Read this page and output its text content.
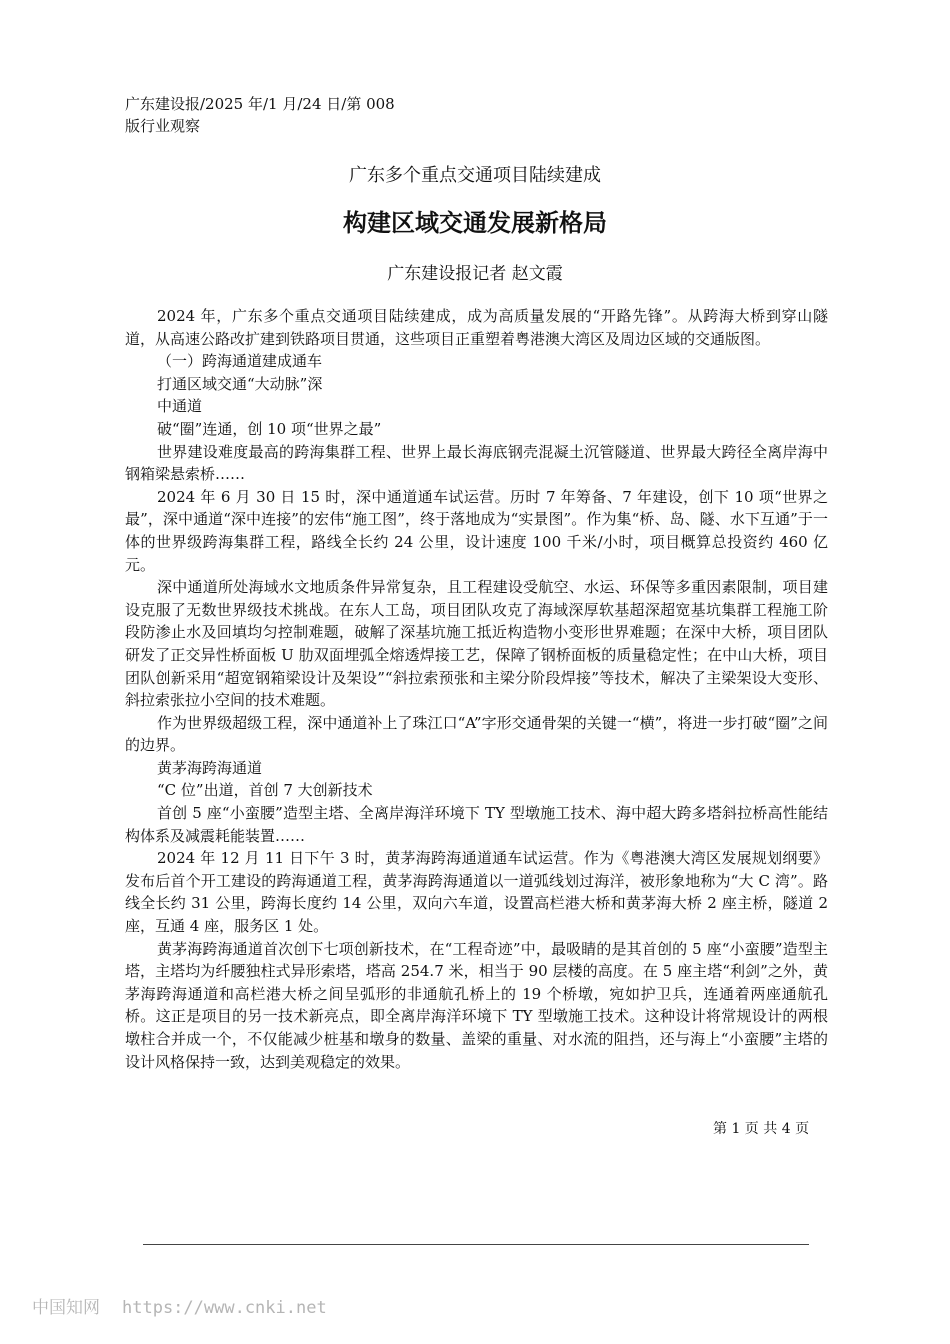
广东建设报/2025 年/1 月/24 日/第 008
版行业观察
广东多个重点交通项目陆续建成
构建区域交通发展新格局
广东建设报记者 赵文霞

2024 年，广东多个重点交通项目陆续建成，成为高质量发展的“开路先锋”。从跨海大桥到穿山隧道，从高速公路改扩建到铁路项目贯通，这些项目正重塑着粤港澳大湾区及周边区域的交通版图。

（一）跨海通道建成通车

打通区域交通“大动脉”深

中通道

破“圈”连通，创 10 项“世界之最”

世界建设难度最高的跨海集群工程、世界上最长海底钢壳混凝土沉管隧道、世界最大跨径全离岸海中钢箱梁悬索桥……

2024 年 6 月 30 日 15 时，深中通道通车试运营。历时 7 年筹备、7 年建设，创下 10 项“世界之最”，深中通道“深中连接”的宏伟“施工图”，终于落地成为“实景图”。作为集“桥、岛、隧、水下互通”于一体的世界级跨海集群工程，路线全长约 24 公里，设计速度 100 千米/小时，项目概算总投资约 460 亿元。

深中通道所处海域水文地质条件异常复杂，且工程建设受航空、水运、环保等多重因素限制，项目建设克服了无数世界级技术挑战。在东人工岛，项目团队攻克了海域深厚软基超深超宽基坑集群工程施工阶段防渗止水及回填均匀控制难题，破解了深基坑施工抵近构造物小变形世界难题；在深中大桥，项目团队研发了正交异性桥面板 U 肋双面埋弧全熔透焊接工艺，保障了钢桥面板的质量稳定性；在中山大桥，项目团队创新采用“超宽钢箱梁设计及架设”“斜拉索预张和主梁分阶段焊接”等技术，解决了主梁架设大变形、斜拉索张拉小空间的技术难题。

作为世界级超级工程，深中通道补上了珠江口“A”字形交通骨架的关键一“横”，将进一步打破“圈”之间的边界。

黄茅海跨海通道

“C 位”出道，首创 7 大创新技术

首创 5 座“小蛮腰”造型主塔、全离岸海洋环境下 TY 型墩施工技术、海中超大跨多塔斜拉桥高性能结构体系及减震耗能装置……

2024 年 12 月 11 日下午 3 时，黄茅海跨海通道通车试运营。作为《粤港澳大湾区发展规划纲要》发布后首个开工建设的跨海通道工程，黄茅海跨海通道以一道弧线划过海洋，被形象地称为“大 C 湾”。路线全长约 31 公里，跨海长度约 14 公里，双向六车道，设置高栏港大桥和黄茅海大桥 2 座主桥，隧道 2 座，互通 4 座，服务区 1 处。

黄茅海跨海通道首次创下七项创新技术，在“工程奇迹”中，最吸睛的是其首创的 5 座“小蛮腰”造型主塔，主塔均为纤腰独柱式异形索塔，塔高 254.7 米，相当于 90 层楼的高度。在 5 座主塔“利剑”之外，黄茅海跨海通道和高栏港大桥之间呈弧形的非通航孔桥上的 19 个桥墩，宛如护卫兵，连通着两座通航孔桥。这正是项目的另一技术新亮点，即全离岸海洋环境下 TY 型墩施工技术。这种设计将常规设计的两根墩柱合并成一个，不仅能减少桩基和墩身的数量、盖梁的重量、对水流的阻挡，还与海上“小蛮腰”主塔的设计风格保持一致，达到美观稳定的效果。

第 1 页 共 4 页
中国知网 https://www.cnki.net
